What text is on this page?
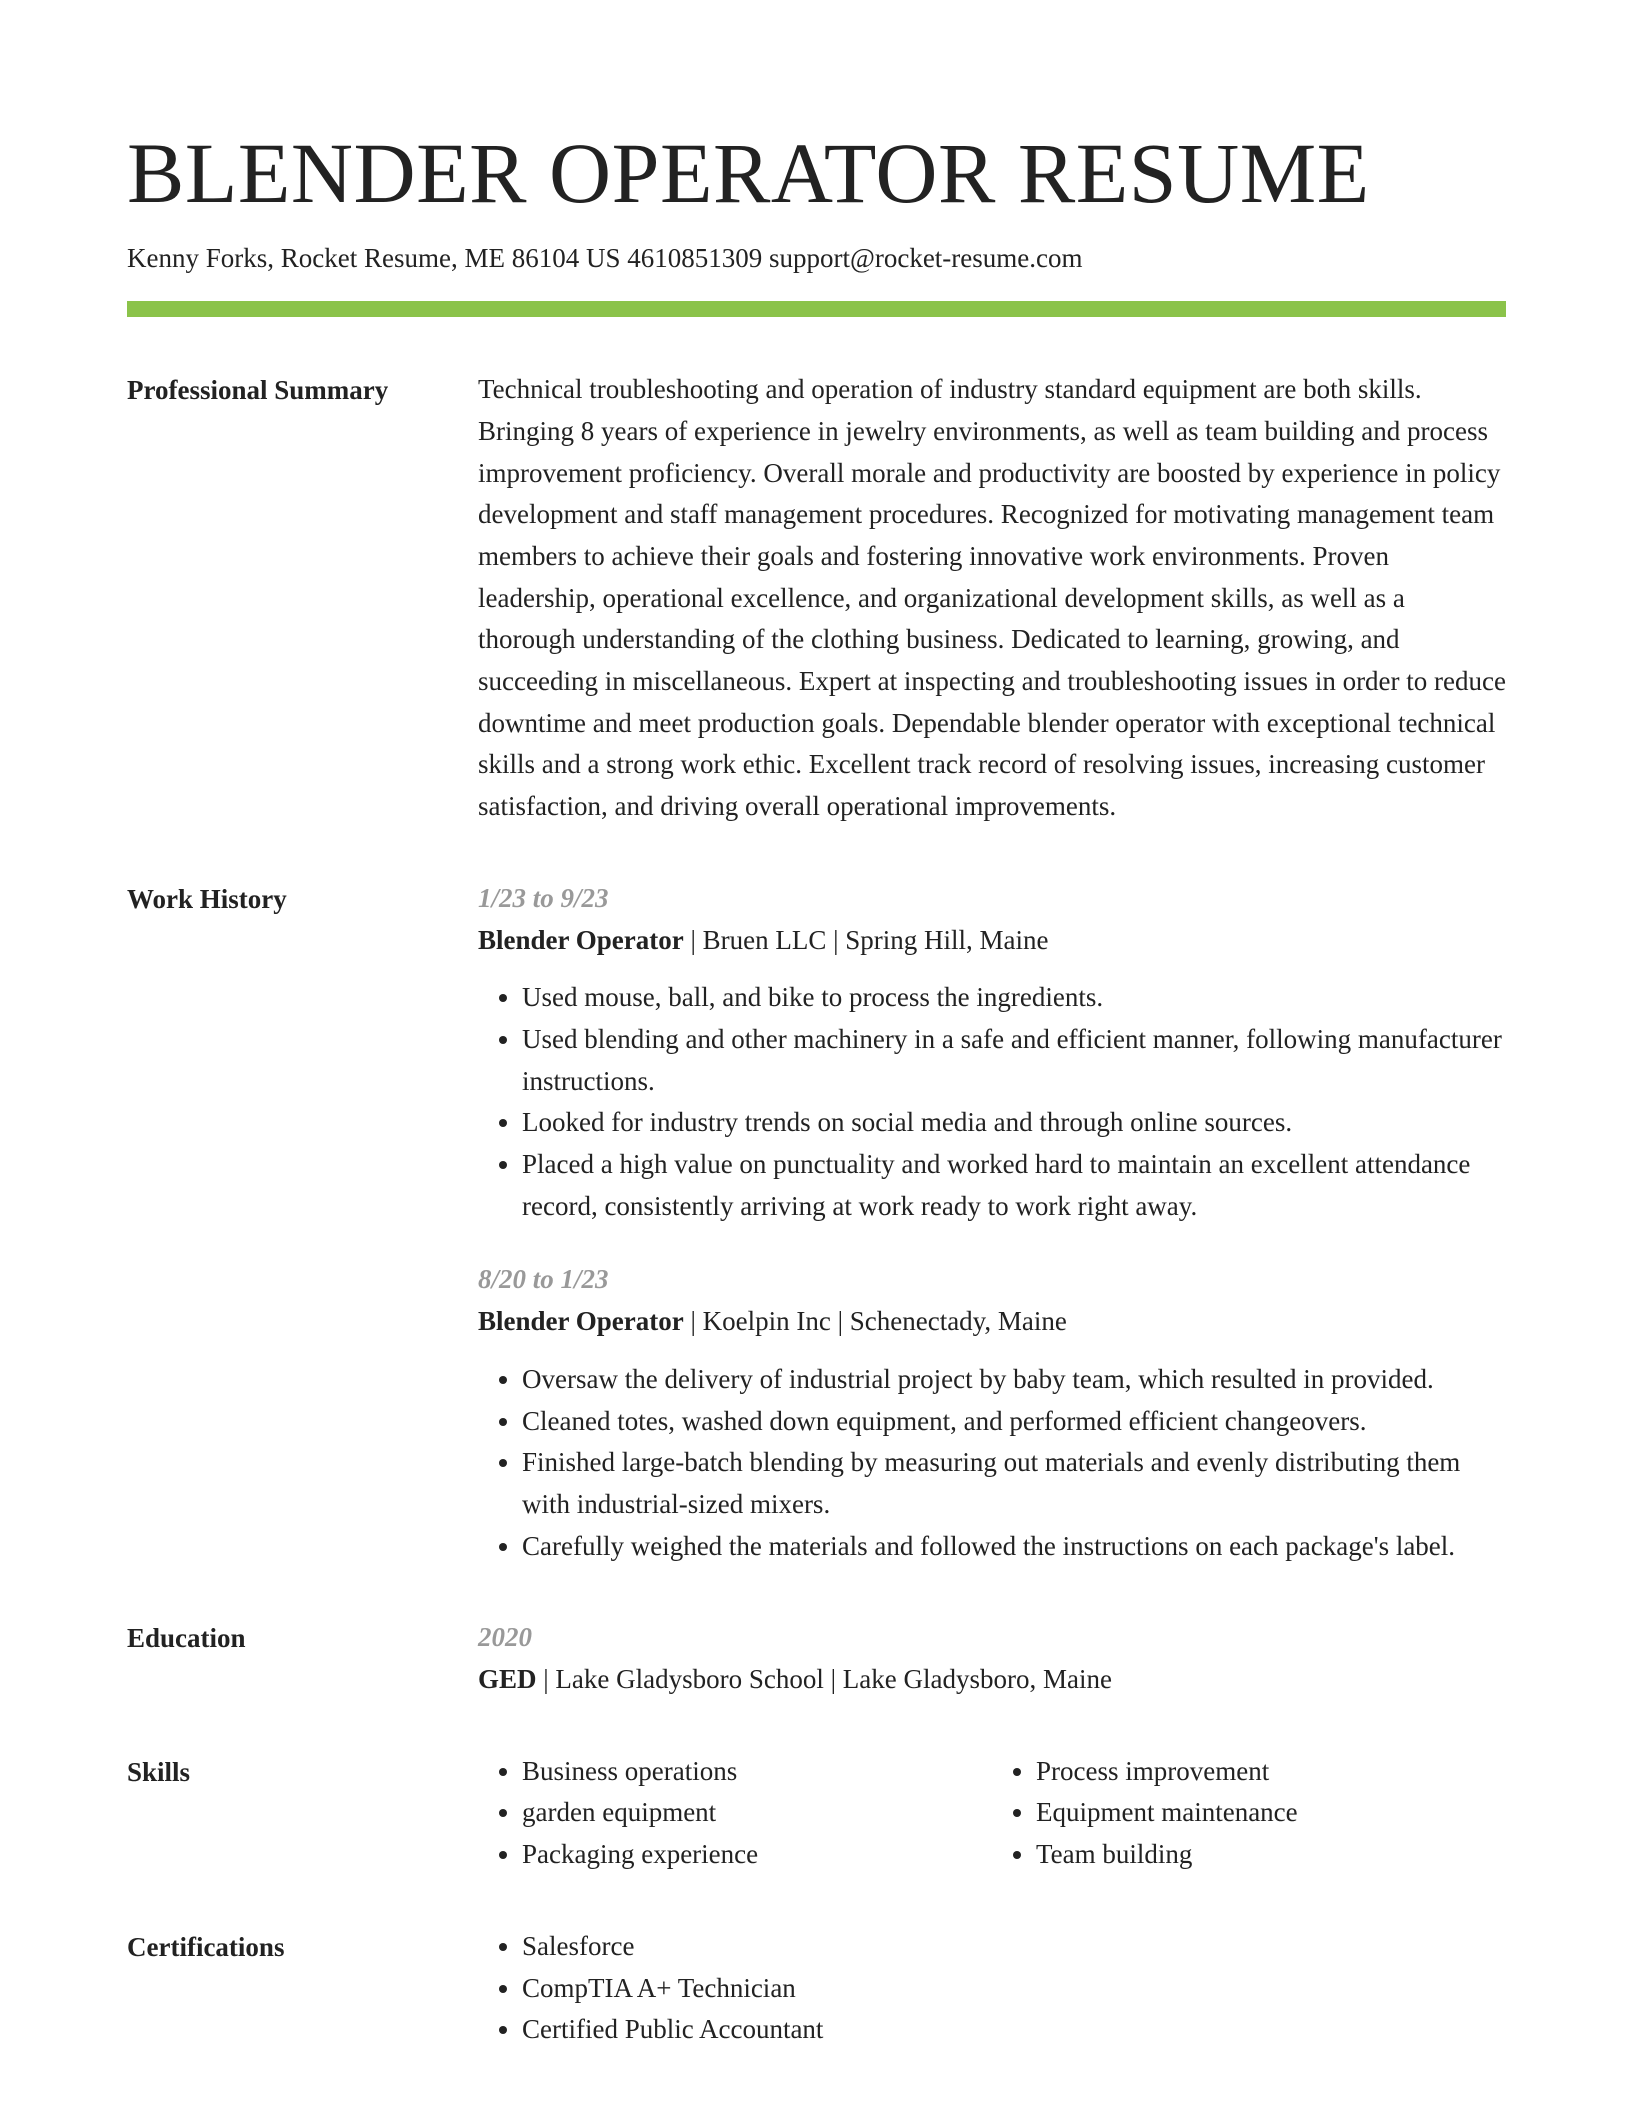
BLENDER OPERATOR RESUME
Kenny Forks, Rocket Resume, ME 86104 US 4610851309 support@rocket-resume.com
Professional Summary	Technical troubleshooting and operation of industry standard equipment are both skills. Bringing 8 years of experience in jewelry environments, as well as team building and process improvement proficiency. Overall morale and productivity are boosted by experience in policy development and staff management procedures. Recognized for motivating management team members to achieve their goals and fostering innovative work environments. Proven leadership, operational excellence, and organizational development skills, as well as a thorough understanding of the clothing business. Dedicated to learning, growing, and succeeding in miscellaneous. Expert at inspecting and troubleshooting issues in order to reduce downtime and meet production goals. Dependable blender operator with exceptional technical skills and a strong work ethic. Excellent track record of resolving issues, increasing customer satisfaction, and driving overall operational improvements.

Work History	1/23 to 9/23

Blender Operator | Bruen LLC | Spring Hill, Maine

• Used mouse, ball, and bike to process the ingredients.
• Used blending and other machinery in a safe and efficient manner, following manufacturer instructions.
• Looked for industry trends on social media and through online sources.
• Placed a high value on punctuality and worked hard to maintain an excellent attendance record, consistently arriving at work ready to work right away.

8/20 to 1/23

Blender Operator | Koelpin Inc | Schenectady, Maine

• Oversaw the delivery of industrial project by baby team, which resulted in provided.
• Cleaned totes, washed down equipment, and performed efficient changeovers.
• Finished large-batch blending by measuring out materials and evenly distributing them with industrial-sized mixers.
• Carefully weighed the materials and followed the instructions on each package's label.
Education	2020

GED | Lake Gladysboro School | Lake Gladysboro, Maine

Skills	• Business operations
• garden equipment
• Packaging experience
• Process improvement
• Equipment maintenance
• Team building
Certifications	• Salesforce
• CompTIA A+ Technician
• Certified Public Accountant
